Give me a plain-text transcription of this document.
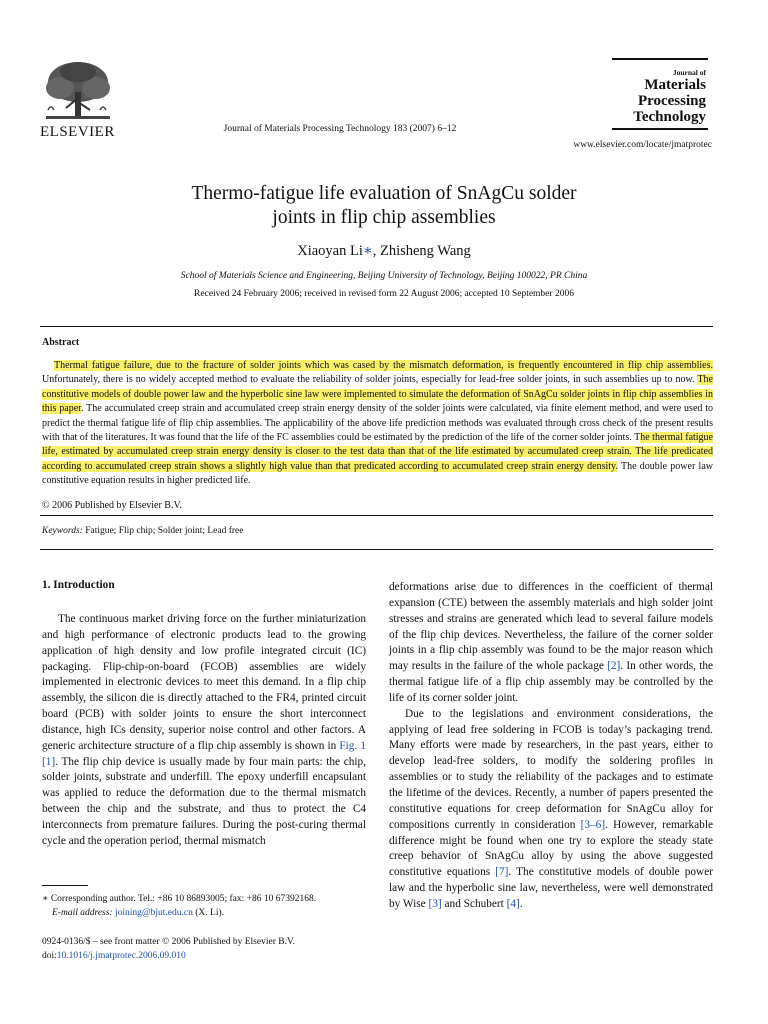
ELSEVIER	Journal of Materials Processing Technology 183 (2007) 6–12
Journal of
Materials
Processing
Technology
www.elsevier.com/locate/jmatprotec
Thermo-fatigue life evaluation of SnAgCu solder
joints in flip chip assemblies
Xiaoyan Li∗, Zhisheng Wang
School of Materials Science and Engineering, Beijing University of Technology, Beijing 100022, PR China
Received 24 February 2006; received in revised form 22 August 2006; accepted 10 September 2006
Abstract
Thermal fatigue failure, due to the fracture of solder joints which was cased by the mismatch deformation, is frequently encountered in flip chip assemblies. Unfortunately, there is no widely accepted method to evaluate the reliability of solder joints, especially for lead-free solder joints, in such assemblies up to now. The constitutive models of double power law and the hyperbolic sine law were implemented to simulate the deformation of SnAgCu solder joints in flip chip assemblies in this paper. The accumulated creep strain and accumulated creep strain energy density of the solder joints were calculated, via finite element method, and were used to predict the thermal fatigue life of flip chip assemblies. The applicability of the above life prediction methods was evaluated through cross check of the present results with that of the literatures. It was found that the life of the FC assemblies could be estimated by the prediction of the life of the corner solder joints. The thermal fatigue life, estimated by accumulated creep strain energy density is closer to the test data than that of the life estimated by accumulated creep strain. The life predicated according to accumulated creep strain shows a slightly high value than that predicated according to accumulated creep strain energy density. The double power law constitutive equation results in higher predicted life.
© 2006 Published by Elsevier B.V.
Keywords: Fatigue; Flip chip; Solder joint; Lead free
1. Introduction

The continuous market driving force on the further miniaturization and high performance of electronic products lead to the growing application of high density and low profile integrated circuit (IC) packaging. Flip-chip-on-board (FCOB) assemblies are widely implemented in electronic devices to meet this demand. In a flip chip assembly, the silicon die is directly attached to the FR4, printed circuit board (PCB) with solder joints to ensure the short interconnect distance, high ICs density, superior noise control and other factors. A generic architecture structure of a flip chip assembly is shown in Fig. 1 [1]. The flip chip device is usually made by four main parts: the chip, solder joints, substrate and underfill. The epoxy underfill encapsulant was applied to reduce the deformation due to the thermal mismatch between the chip and the substrate, and thus to protect the C4 interconnects from premature failures. During the post-curing thermal cycle and the operation period, thermal mismatch

deformations arise due to differences in the coefficient of thermal expansion (CTE) between the assembly materials and high solder joint stresses and strains are generated which lead to several failure models of the flip chip devices. Nevertheless, the failure of the corner solder joints in a flip chip assembly was found to be the major reason which may results in the failure of the whole package [2]. In other words, the thermal fatigue life of a flip chip assembly may be controlled by the life of its corner solder joint.

Due to the legislations and environment considerations, the applying of lead free soldering in FCOB is today’s packaging trend. Many efforts were made by researchers, in the past years, either to develop lead-free solders, to modify the soldering profiles in assemblies or to study the reliability of the packages and to estimate the lifetime of the devices. Recently, a number of papers presented the constitutive equations for creep deformation for SnAgCu alloy for compositions currently in consideration [3–6]. However, remarkable difference might be found when one try to explore the steady state creep behavior of SnAgCu alloy by using the above suggested constitutive equations [7]. The constitutive models of double power law and the hyperbolic sine law, nevertheless, were well demonstrated by Wise [3] and Schubert [4].

∗ Corresponding author. Tel.: +86 10 86893005; fax: +86 10 67392168.
E-mail address: joining@bjut.edu.cn (X. Li).
0924-0136/$ – see front matter © 2006 Published by Elsevier B.V.
doi:10.1016/j.jmatprotec.2006.09.010
